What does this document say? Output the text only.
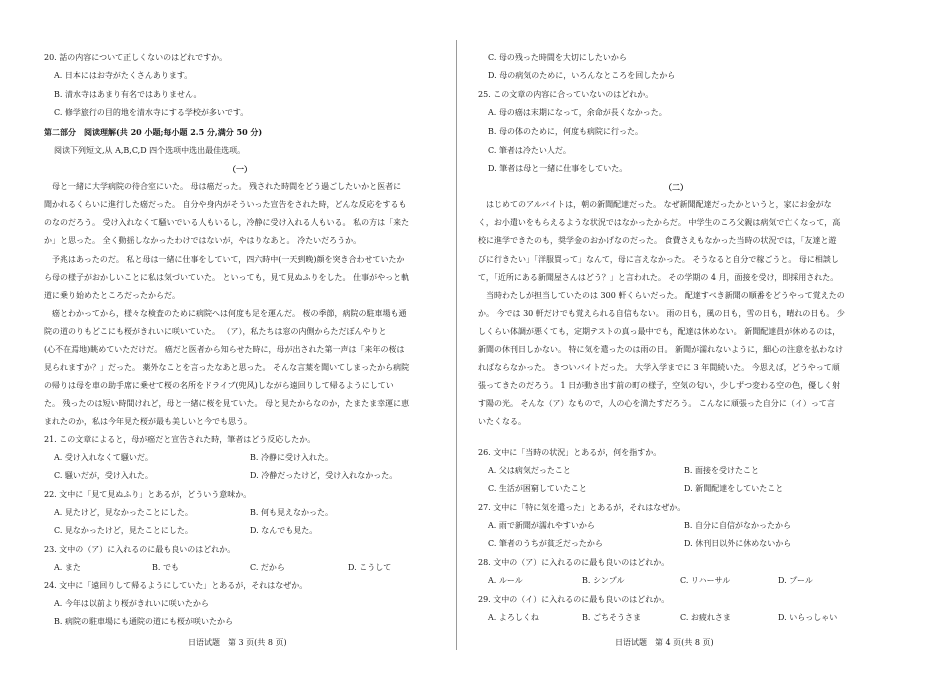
20. 話の内容について正しくないのはどれですか。
A. 日本にはお寺がたくさんあります。
B. 清水寺はあまり有名ではありません。
C. 修学旅行の目的地を清水寺にする学校が多いです。
第二部分　阅读理解(共 20 小题;每小题 2.5 分,满分 50 分)
阅读下列短文,从 A,B,C,D 四个选项中选出最佳选项。
（一）
　母と一緒に大学病院の待合室にいた。 母は癌だった。 残された時間をどう過ごしたいかと医者に
聞かれるくらいに進行した癌だった。 自分や身内がそういった宣告をされた時，どんな反応をするも
のなのだろう。 受け入れなくて騒いでいる人もいるし，冷静に受け入れる人もいる。 私の方は「来た
か」と思った。 全く動揺しなかったわけではないが，やはりなあと。 冷たいだろうか。
　予兆はあったのだ。 私と母は一緒に仕事をしていて，四六時中(一天到晚)顔を突き合わせていたか
ら母の様子がおかしいことに私は気づいていた。 といっても，見て見ぬふりをした。 仕事がやっと軌
道に乗り始めたところだったからだ。
　癌とわかってから，様々な検査のために病院へは何度も足を運んだ。 桜の季節，病院の駐車場も通
院の道のりもどこにも桜がきれいに咲いていた。 （ア），私たちは窓の内側からただぼんやりと
(心不在焉地)眺めていただけだ。 癌だと医者から知らせた時に，母が出された第一声は「来年の桜は
見られますか？」だった。 薬外なことを言ったなあと思った。 そんな言葉を聞いてしまったから病院
の帰りは母を車の助手席に乗せて桜の名所をドライブ(兜风)しながら遠回りして帰るようにしてい
た。 残ったのは短い時間けれど，母と一緒に桜を見ていた。 母と見たからなのか，たまたま幸運に恵
まれたのか，私は今年見た桜が最も美しいと今でも思う。
21. この文章によると，母が癌だと宣告された時，筆者はどう反応したか。
A. 受け入れなくて騒いだ。	B. 冷静に受け入れた。
C. 騒いだが，受け入れた。	D. 冷静だったけど，受け入れなかった。
22. 文中に「見て見ぬふり」とあるが，どういう意味か。
A. 見たけど，見なかったことにした。	B. 何も見えなかった。
C. 見なかったけど，見たことにした。	D. なんでも見た。
23. 文中の（ア）に入れるのに最も良いのはどれか。
A. また	B. でも	C. だから	D. こうして
24. 文中に「遠回りして帰るようにしていた」とあるが，それはなぜか。
A. 今年は以前より桜がきれいに咲いたから
B. 病院の駐車場にも通院の道にも桜が咲いたから
日语试题　第 3 页(共 8 页)
C. 母の残った時間を大切にしたいから
D. 母の病気のために，いろんなところを回したから
25. この文章の内容に合っていないのはどれか。
A. 母の癌は末期になって，余命が長くなかった。
B. 母の体のために，何度も病院に行った。
C. 筆者は冷たい人だ。
D. 筆者は母と一緒に仕事をしていた。
（二）
　はじめてのアルバイトは，朝の新聞配達だった。 なぜ新聞配達だったかというと，家にお金がな
く，お小遣いをもらえるような状況ではなかったからだ。 中学生のころ父親は病気で亡くなって，高
校に進学できたのも，奨学金のおかげなのだった。 食費さえもなかった当時の状況では，「友達と遊
びに行きたい」「洋服買って」なんて，母に言えなかった。 そうなると自分で稼ごうと。 母に相談し
て，「近所にある新聞屋さんはどう？」と言われた。 その学期の 4 月，面接を受け，即採用された。
　当時わたしが担当していたのは 300 軒くらいだった。 配達すべき新聞の順番をどうやって覚えたの
か。 今では 30 軒だけでも覚えられる自信もない。 雨の日も，風の日も，雪の日も，晴れの日も。 少
しくらい体調が悪くても，定期テストの真っ最中でも，配達は休めない。 新聞配達員が休めるのは，
新聞の休刊日しかない。 特に気を遣ったのは雨の日。 新聞が濡れないように，細心の注意を払わなけ
ればならなかった。 きついバイトだった。 大学入学までに 3 年間続いた。 今思えば，どうやって頑
張ってきたのだろう。 1 日が動き出す前の町の様子，空気の匂い，少しずつ変わる空の色，優しく射
す陽の光。 そんな（ア）なもので，人の心を満たすだろう。 こんなに頑張った自分に（イ）って言
いたくなる。
26. 文中に「当時の状況」とあるが，何を指すか。
A. 父は病気だったこと	B. 面接を受けたこと
C. 生活が困窮していたこと	D. 新聞配達をしていたこと
27. 文中に「特に気を遣った」とあるが，それはなぜか。
A. 雨で新聞が濡れやすいから	B. 自分に自信がなかったから
C. 筆者のうちが貧乏だったから	D. 休刊日以外に休めないから
28. 文中の（ア）に入れるのに最も良いのはどれか。
A. ルール	B. シンプル	C. リハーサル	D. プール
29. 文中の（イ）に入れるのに最も良いのはどれか。
A. よろしくね	B. ごちそうさま	C. お疲れさま	D. いらっしゃい
日语试题　第 4 页(共 8 页)
